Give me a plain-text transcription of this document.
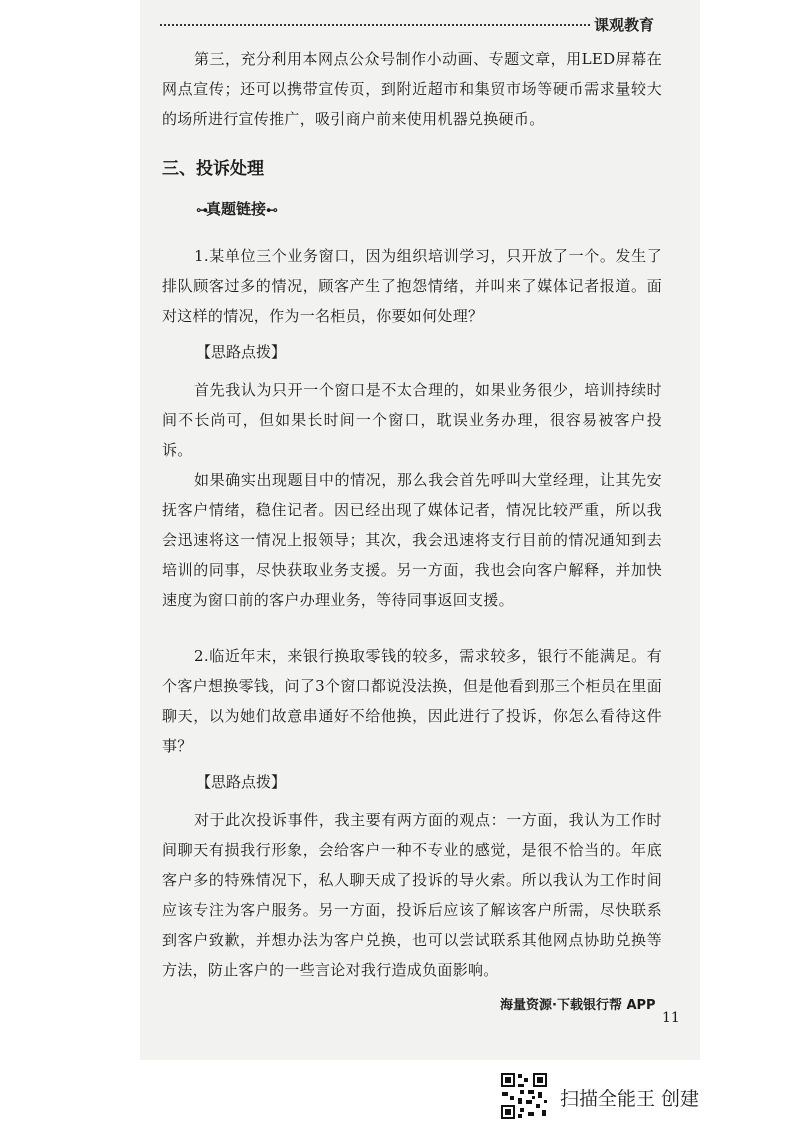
课观教育

第三，充分利用本网点公众号制作小动画、专题文章，用LED屏幕在网点宣传；还可以携带宣传页，到附近超市和集贸市场等硬币需求量较大的场所进行宣传推广，吸引商户前来使用机器兑换硬币。

三、投诉处理
⊶真题链接⊷

1.某单位三个业务窗口，因为组织培训学习，只开放了一个。发生了排队顾客过多的情况，顾客产生了抱怨情绪，并叫来了媒体记者报道。面对这样的情况，作为一名柜员，你要如何处理？

【思路点拨】

首先我认为只开一个窗口是不太合理的，如果业务很少，培训持续时间不长尚可，但如果长时间一个窗口，耽误业务办理，很容易被客户投诉。

如果确实出现题目中的情况，那么我会首先呼叫大堂经理，让其先安抚客户情绪，稳住记者。因已经出现了媒体记者，情况比较严重，所以我会迅速将这一情况上报领导；其次，我会迅速将支行目前的情况通知到去培训的同事，尽快获取业务支援。另一方面，我也会向客户解释，并加快速度为窗口前的客户办理业务，等待同事返回支援。

2.临近年末，来银行换取零钱的较多，需求较多，银行不能满足。有个客户想换零钱，问了3个窗口都说没法换，但是他看到那三个柜员在里面聊天，以为她们故意串通好不给他换，因此进行了投诉，你怎么看待这件事？

【思路点拨】

对于此次投诉事件，我主要有两方面的观点：一方面，我认为工作时间聊天有损我行形象，会给客户一种不专业的感觉，是很不恰当的。年底客户多的特殊情况下，私人聊天成了投诉的导火索。所以我认为工作时间应该专注为客户服务。另一方面，投诉后应该了解该客户所需，尽快联系到客户致歉，并想办法为客户兑换，也可以尝试联系其他网点协助兑换等方法，防止客户的一些言论对我行造成负面影响。

海量资源·下载银行帮 APP
11
扫描全能王 创建
